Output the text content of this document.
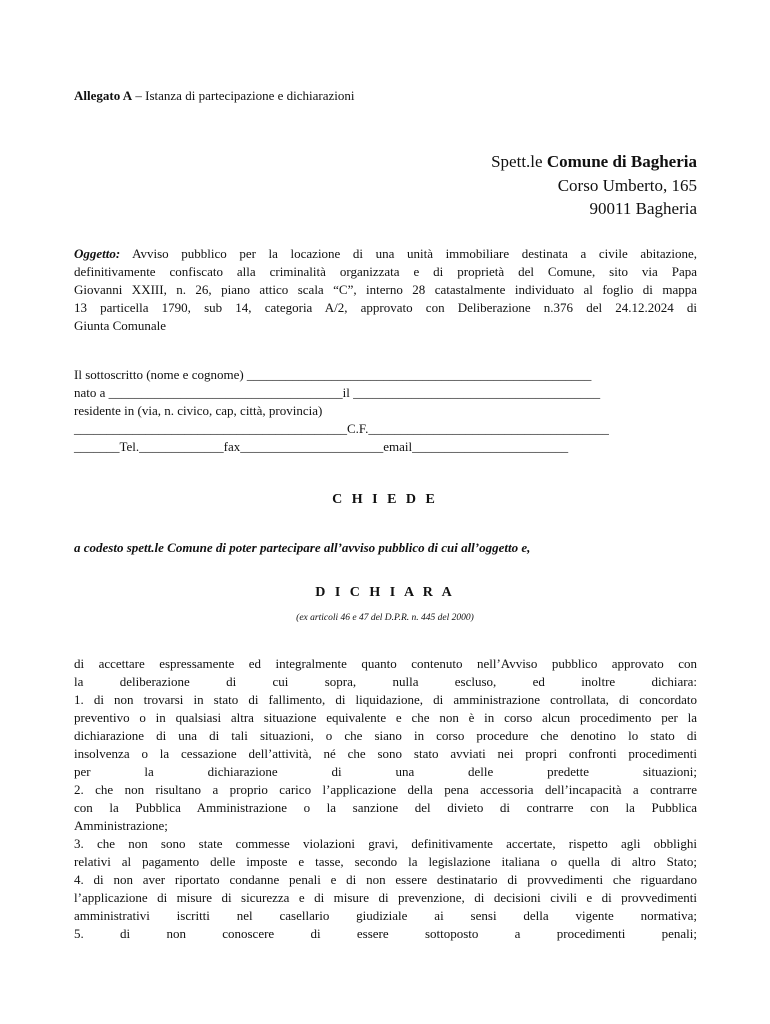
Allegato A – Istanza di partecipazione e dichiarazioni
Spett.le Comune di Bagheria
Corso Umberto, 165
90011 Bagheria
Oggetto: Avviso pubblico per la locazione di una unità immobiliare destinata a civile abitazione,
definitivamente confiscato alla criminalità organizzata e di proprietà del Comune, sito via Papa
Giovanni XXIII, n. 26, piano attico scala “C”, interno 28 catastalmente individuato al foglio di mappa
13 particella 1790, sub 14, categoria A/2, approvato con Deliberazione n.376 del 24.12.2024 di
Giunta Comunale
Il sottoscritto (nome e cognome) _____________________________________________________
nato a ____________________________________il ______________________________________
residente in (via, n. civico, cap, città, provincia)
__________________________________________C.F._____________________________________
_______Tel._____________fax______________________email________________________
C H I E D E
a codesto spett.le Comune di poter partecipare all’avviso pubblico di cui all’oggetto e,
D I C H I A R A
(ex articoli 46 e 47 del D.P.R. n. 445 del 2000)
di accettare espressamente ed integralmente quanto contenuto nell’Avviso pubblico approvato con
la deliberazione di cui sopra, nulla escluso, ed inoltre dichiara:
1. di non trovarsi in stato di fallimento, di liquidazione, di amministrazione controllata, di concordato
preventivo o in qualsiasi altra situazione equivalente e che non è in corso alcun procedimento per la
dichiarazione di una di tali situazioni, o che siano in corso procedure che denotino lo stato di
insolvenza o la cessazione dell’attività, né che sono stato avviati nei propri confronti procedimenti
per la dichiarazione di una delle predette situazioni;
2. che non risultano a proprio carico l’applicazione della pena accessoria dell’incapacità a contrarre
con la Pubblica Amministrazione o la sanzione del divieto di contrarre con la Pubblica
Amministrazione;
3. che non sono state commesse violazioni gravi, definitivamente accertate, rispetto agli obblighi
relativi al pagamento delle imposte e tasse, secondo la legislazione italiana o quella di altro Stato;
4. di non aver riportato condanne penali e di non essere destinatario di provvedimenti che riguardano
l’applicazione di misure di sicurezza e di misure di prevenzione, di decisioni civili e di provvedimenti
amministrativi iscritti nel casellario giudiziale ai sensi della vigente normativa;
5. di non conoscere di essere sottoposto a procedimenti penali;
